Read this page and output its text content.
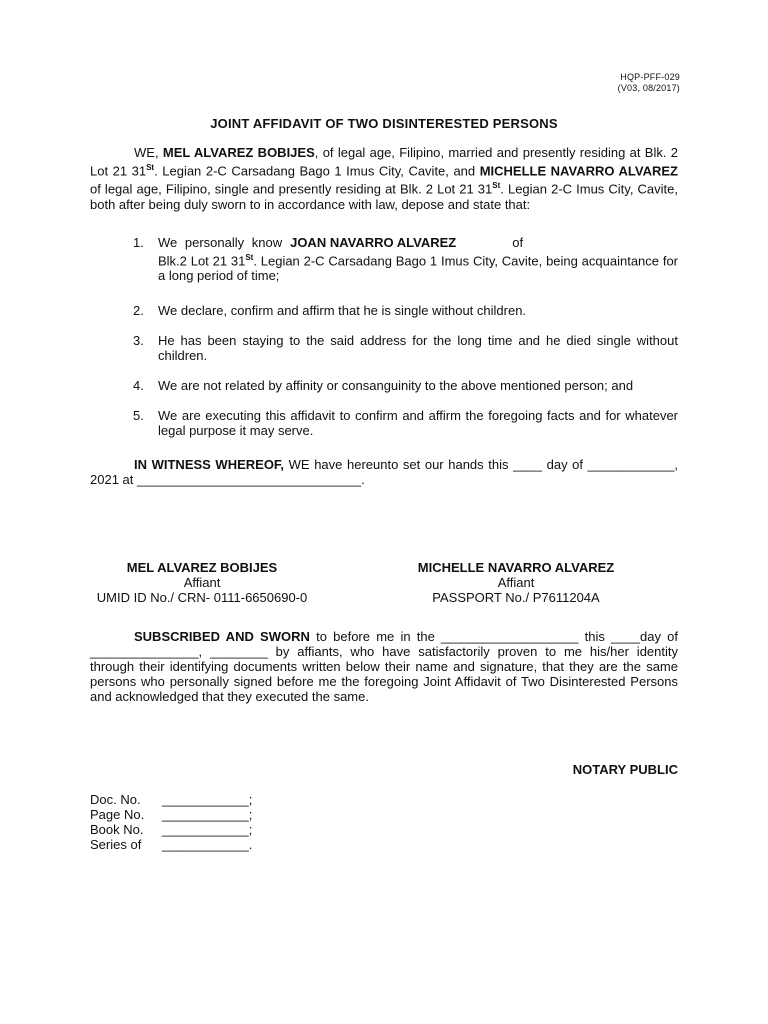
HQP-PFF-029
(V03, 08/2017)
JOINT AFFIDAVIT OF TWO DISINTERESTED PERSONS
WE, MEL ALVAREZ BOBIJES, of legal age, Filipino, married and presently residing at Blk. 2 Lot 21 31St. Legian 2-C Carsadang Bago 1 Imus City, Cavite, and MICHELLE NAVARRO ALVAREZ of legal age, Filipino, single and presently residing at Blk. 2 Lot 21 31St. Legian 2-C Imus City, Cavite, both after being duly sworn to in accordance with law, depose and state that:
1.	We personally know JOAN NAVARRO ALVAREZ	of
Blk.2 Lot 21 31St. Legian 2-C Carsadang Bago 1 Imus City, Cavite, being acquaintance for a long period of time;
2.	We declare, confirm and affirm that he is single without children.
3.	He has been staying to the said address for the long time and he died single without children.
4.	We are not related by affinity or consanguinity to the above mentioned person; and
5.	We are executing this affidavit to confirm and affirm the foregoing facts and for whatever legal purpose it may serve.
IN WITNESS WHEREOF, WE have hereunto set our hands this ____ day of ____________, 2021 at _______________________________.
MEL ALVAREZ BOBIJES
Affiant
UMID ID No./ CRN- 0111-6650690-0
MICHELLE NAVARRO ALVAREZ
Affiant
PASSPORT No./ P7611204A
SUBSCRIBED AND SWORN to before me in the ___________________ this ____day of _______________, ________ by affiants, who have satisfactorily proven to me his/her identity through their identifying documents written below their name and signature, that they are the same persons who personally signed before me the foregoing Joint Affidavit of Two Disinterested Persons and acknowledged that they executed the same.
NOTARY PUBLIC
Doc. No.	____________;
Page No.	____________;
Book No.	____________;
Series of	____________.
